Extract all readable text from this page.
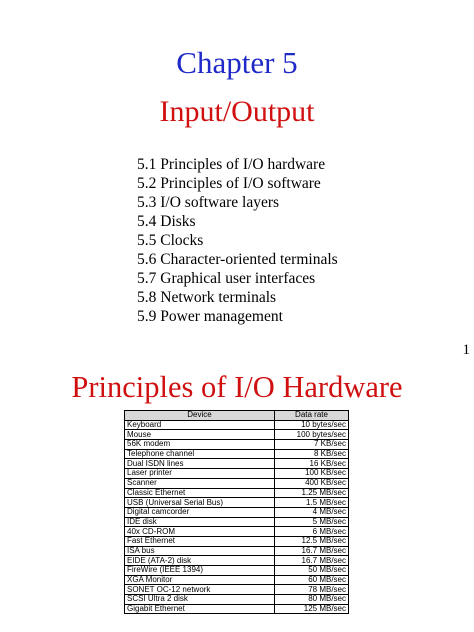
Chapter 5
Input/Output
5.1 Principles of I/O hardware
5.2 Principles of I/O software
5.3 I/O software layers
5.4 Disks
5.5 Clocks
5.6 Character-oriented terminals
5.7 Graphical user interfaces
5.8 Network terminals
5.9 Power management
1
Principles of I/O Hardware
Device	Data rate
Keyboard	10 bytes/sec
Mouse	100 bytes/sec
56K modem	7 KB/sec
Telephone channel	8 KB/sec
Dual ISDN lines	16 KB/sec
Laser printer	100 KB/sec
Scanner	400 KB/sec
Classic Ethernet	1.25 MB/sec
USB (Universal Serial Bus)	1.5 MB/sec
Digital camcorder	4 MB/sec
IDE disk	5 MB/sec
40x CD-ROM	6 MB/sec
Fast Ethernet	12.5 MB/sec
ISA bus	16.7 MB/sec
EIDE (ATA-2) disk	16.7 MB/sec
FireWire (IEEE 1394)	50 MB/sec
XGA Monitor	60 MB/sec
SONET OC-12 network	78 MB/sec
SCSI Ultra 2 disk	80 MB/sec
Gigabit Ethernet	125 MB/sec
